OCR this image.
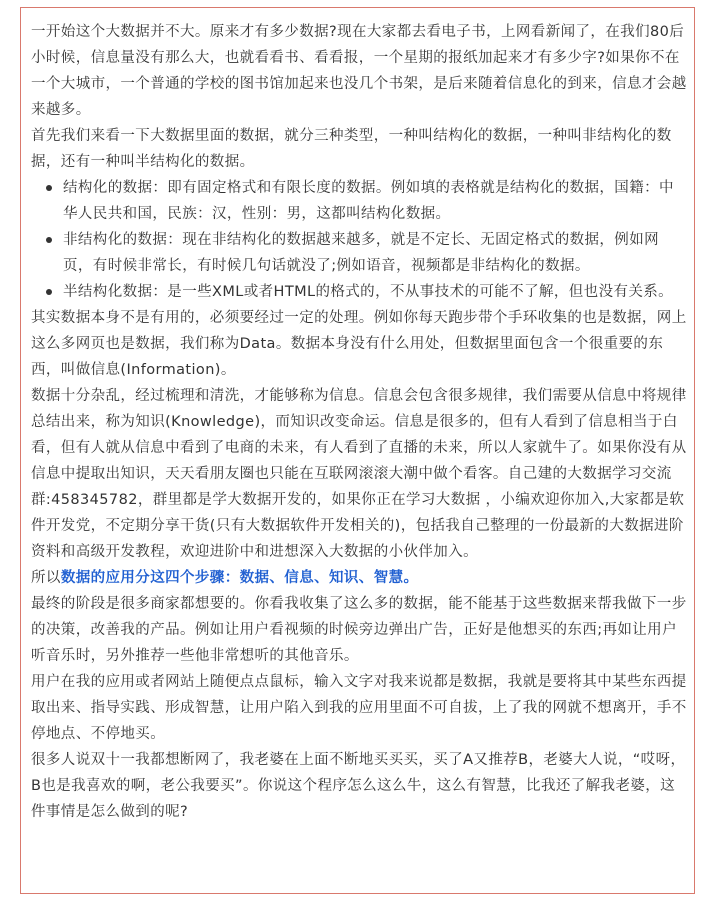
一开始这个大数据并不大。原来才有多少数据?现在大家都去看电子书，上网看新闻了，在我们80后小时候，信息量没有那么大，也就看看书、看看报，一个星期的报纸加起来才有多少字?如果你不在一个大城市，一个普通的学校的图书馆加起来也没几个书架，是后来随着信息化的到来，信息才会越来越多。

首先我们来看一下大数据里面的数据，就分三种类型，一种叫结构化的数据，一种叫非结构化的数据，还有一种叫半结构化的数据。

结构化的数据：即有固定格式和有限长度的数据。例如填的表格就是结构化的数据，国籍：中华人民共和国，民族：汉，性别：男，这都叫结构化数据。
非结构化的数据：现在非结构化的数据越来越多，就是不定长、无固定格式的数据，例如网页，有时候非常长，有时候几句话就没了;例如语音，视频都是非结构化的数据。
半结构化数据：是一些XML或者HTML的格式的，不从事技术的可能不了解，但也没有关系。

其实数据本身不是有用的，必须要经过一定的处理。例如你每天跑步带个手环收集的也是数据，网上这么多网页也是数据，我们称为Data。数据本身没有什么用处，但数据里面包含一个很重要的东西，叫做信息(Information)。

数据十分杂乱，经过梳理和清洗，才能够称为信息。信息会包含很多规律，我们需要从信息中将规律总结出来，称为知识(Knowledge)，而知识改变命运。信息是很多的，但有人看到了信息相当于白看，但有人就从信息中看到了电商的未来，有人看到了直播的未来，所以人家就牛了。如果你没有从信息中提取出知识，天天看朋友圈也只能在互联网滚滚大潮中做个看客。自己建的大数据学习交流群:458345782，群里都是学大数据开发的，如果你正在学习大数据 ，小编欢迎你加入,大家都是软件开发党，不定期分享干货(只有大数据软件开发相关的)，包括我自己整理的一份最新的大数据进阶资料和高级开发教程，欢迎进阶中和进想深入大数据的小伙伴加入。

所以数据的应用分这四个步骤：数据、信息、知识、智慧。

最终的阶段是很多商家都想要的。你看我收集了这么多的数据，能不能基于这些数据来帮我做下一步的决策，改善我的产品。例如让用户看视频的时候旁边弹出广告，正好是他想买的东西;再如让用户听音乐时，另外推荐一些他非常想听的其他音乐。

用户在我的应用或者网站上随便点点鼠标，输入文字对我来说都是数据，我就是要将其中某些东西提取出来、指导实践、形成智慧，让用户陷入到我的应用里面不可自拔，上了我的网就不想离开，手不停地点、不停地买。

很多人说双十一我都想断网了，我老婆在上面不断地买买买，买了A又推荐B，老婆大人说，“哎呀，B也是我喜欢的啊，老公我要买”。你说这个程序怎么这么牛，这么有智慧，比我还了解我老婆，这件事情是怎么做到的呢?
